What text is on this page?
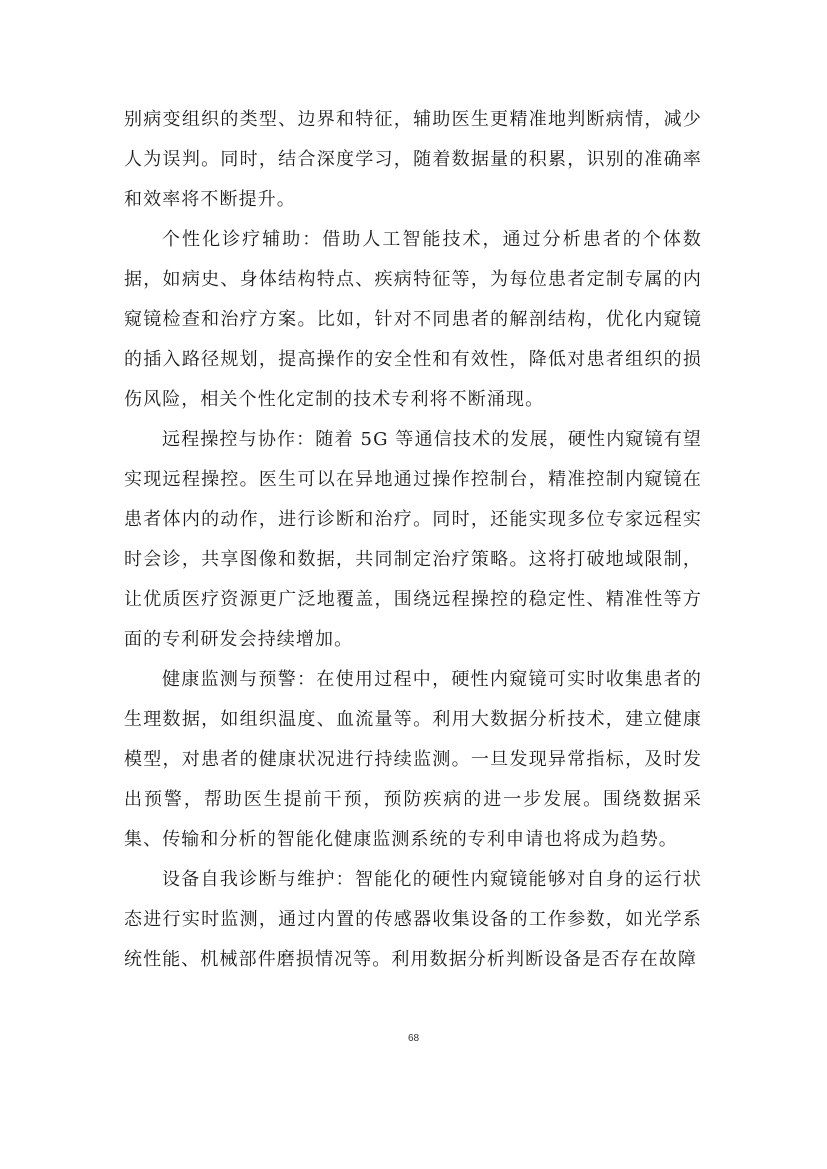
别病变组织的类型、边界和特征，辅助医生更精准地判断病情，减少人为误判。同时，结合深度学习，随着数据量的积累，识别的准确率和效率将不断提升。

个性化诊疗辅助：借助人工智能技术，通过分析患者的个体数据，如病史、身体结构特点、疾病特征等，为每位患者定制专属的内窥镜检查和治疗方案。比如，针对不同患者的解剖结构，优化内窥镜的插入路径规划，提高操作的安全性和有效性，降低对患者组织的损伤风险，相关个性化定制的技术专利将不断涌现。

远程操控与协作：随着 5G 等通信技术的发展，硬性内窥镜有望实现远程操控。医生可以在异地通过操作控制台，精准控制内窥镜在患者体内的动作，进行诊断和治疗。同时，还能实现多位专家远程实时会诊，共享图像和数据，共同制定治疗策略。这将打破地域限制，让优质医疗资源更广泛地覆盖，围绕远程操控的稳定性、精准性等方面的专利研发会持续增加。

健康监测与预警：在使用过程中，硬性内窥镜可实时收集患者的生理数据，如组织温度、血流量等。利用大数据分析技术，建立健康模型，对患者的健康状况进行持续监测。一旦发现异常指标，及时发出预警，帮助医生提前干预，预防疾病的进一步发展。围绕数据采集、传输和分析的智能化健康监测系统的专利申请也将成为趋势。

设备自我诊断与维护：智能化的硬性内窥镜能够对自身的运行状态进行实时监测，通过内置的传感器收集设备的工作参数，如光学系统性能、机械部件磨损情况等。利用数据分析判断设备是否存在故障

68
